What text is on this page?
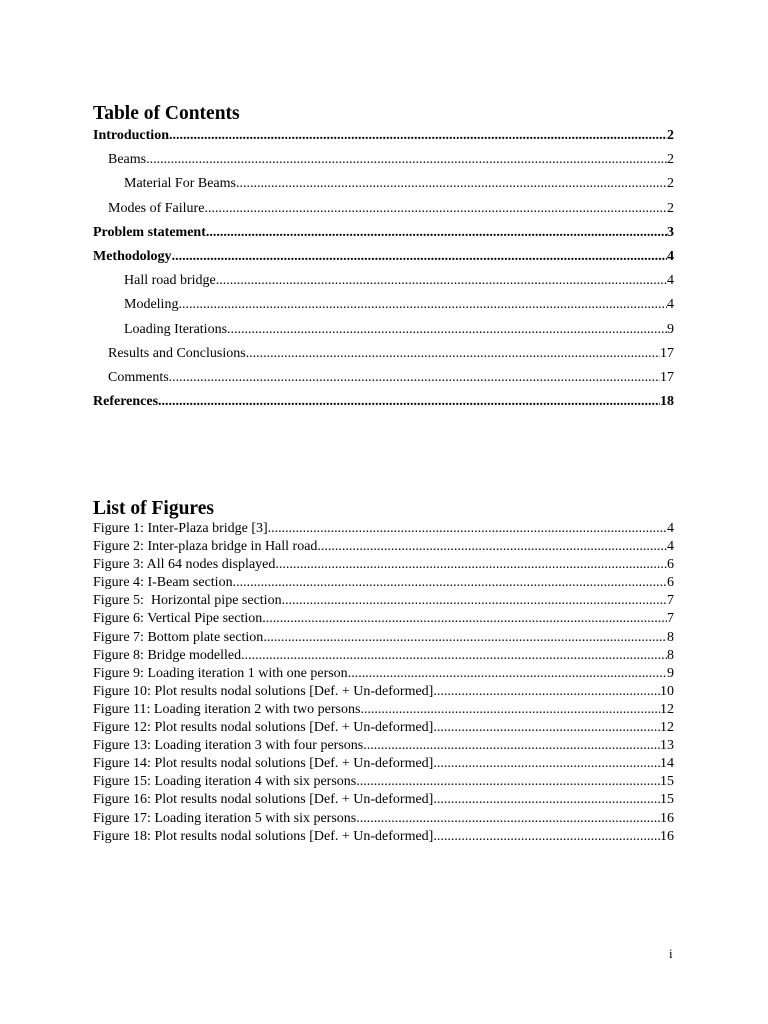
Table of Contents
Introduction .....	2
Beams .....	2
Material For Beams .....	2
Modes of Failure .....	2
Problem statement .....	3
Methodology .....	4
Hall road bridge .....	4
Modeling .....	4
Loading Iterations .....	9
Results and Conclusions .....	17
Comments .....	17
References .....	18
List of Figures
Figure 1: Inter-Plaza bridge [3] .....	4
Figure 2: Inter-plaza bridge in Hall road .....	4
Figure 3: All 64 nodes displayed .....	6
Figure 4: I-Beam section .....	6
Figure 5:  Horizontal pipe section .....	7
Figure 6: Vertical Pipe section .....	7
Figure 7: Bottom plate section .....	8
Figure 8: Bridge modelled .....	8
Figure 9: Loading iteration 1 with one person .....	9
Figure 10: Plot results nodal solutions [Def. + Un-deformed] .....	10
Figure 11: Loading iteration 2 with two persons .....	12
Figure 12: Plot results nodal solutions [Def. + Un-deformed] .....	12
Figure 13: Loading iteration 3 with four persons .....	13
Figure 14: Plot results nodal solutions [Def. + Un-deformed] .....	14
Figure 15: Loading iteration 4 with six persons .....	15
Figure 16: Plot results nodal solutions [Def. + Un-deformed] .....	15
Figure 17: Loading iteration 5 with six persons .....	16
Figure 18: Plot results nodal solutions [Def. + Un-deformed] .....	16
i
